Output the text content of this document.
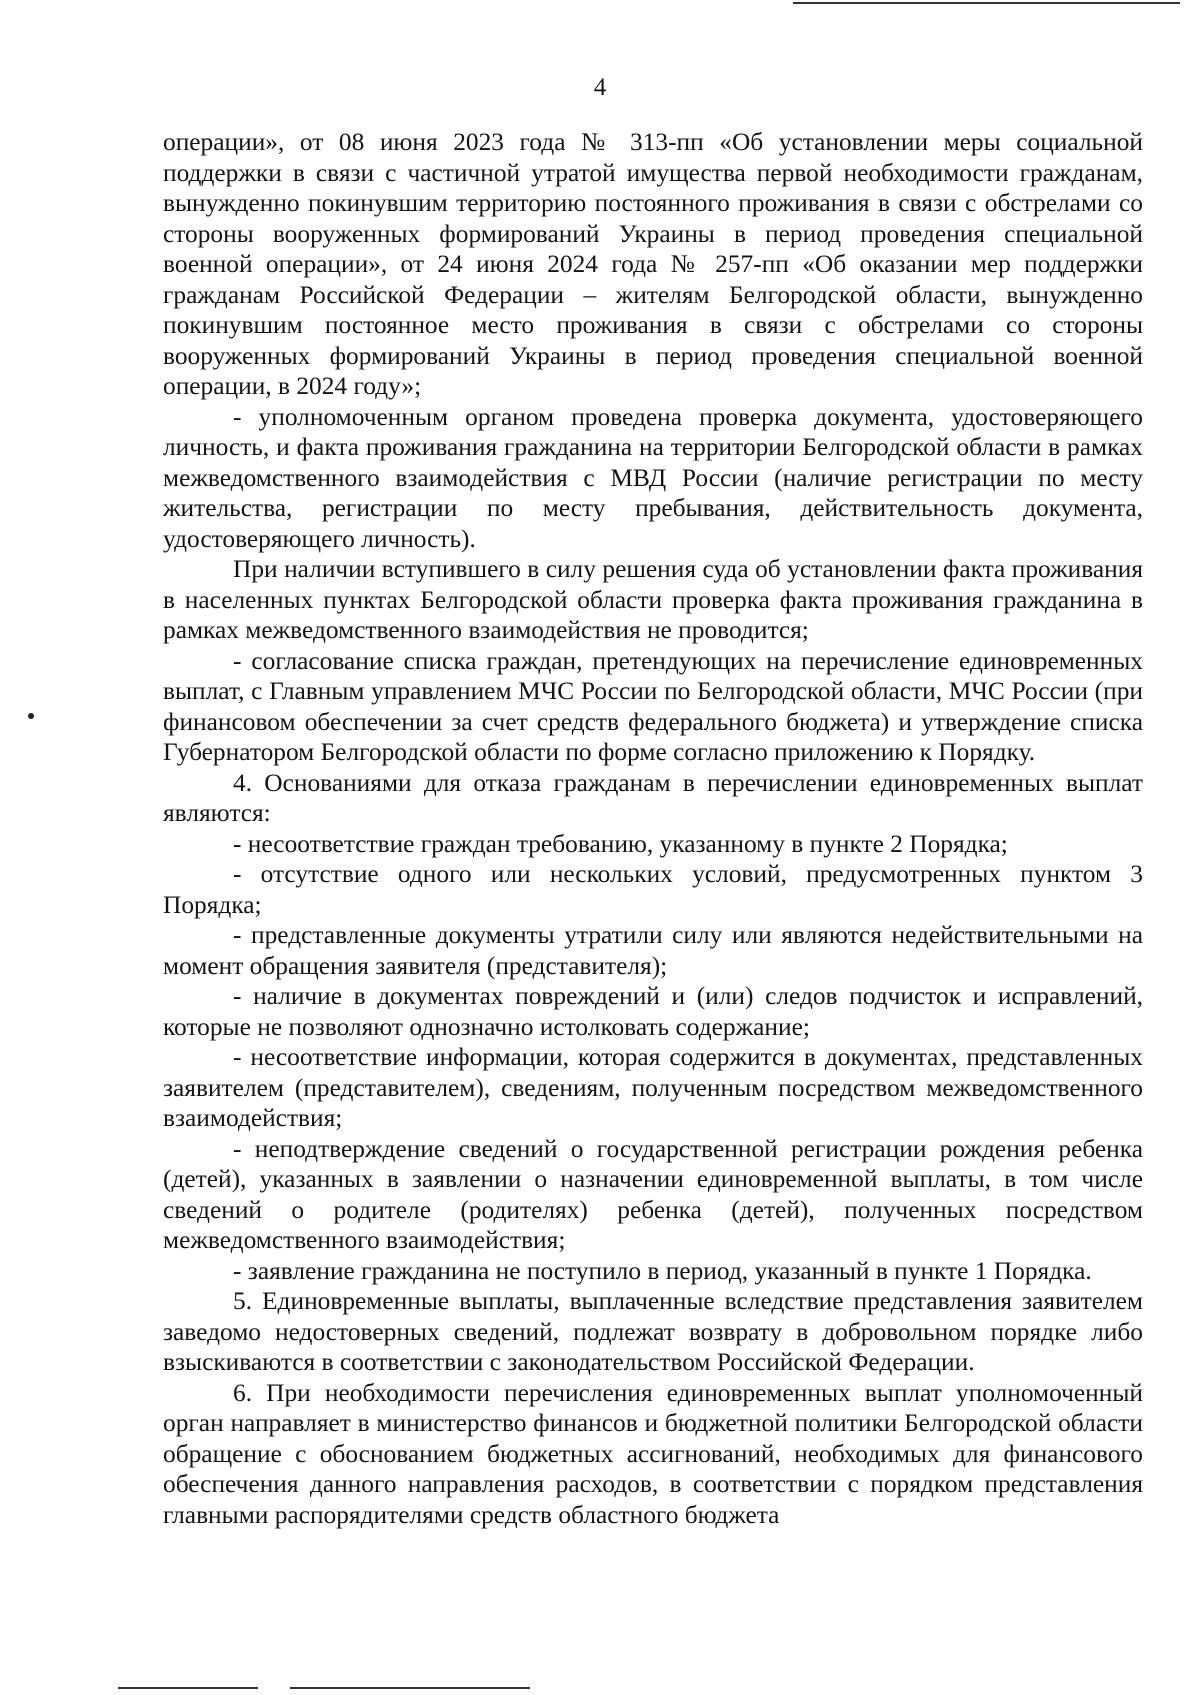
4

операции», от 08 июня 2023 года № 313-пп «Об установлении меры социальной поддержки в связи с частичной утратой имущества первой необходимости гражданам, вынужденно покинувшим территорию постоянного проживания в связи с обстрелами со стороны вооруженных формирований Украины в период проведения специальной военной операции», от 24 июня 2024 года № 257-пп «Об оказании мер поддержки гражданам Российской Федерации – жителям Белгородской области, вынужденно покинувшим постоянное место проживания в связи с обстрелами со стороны вооруженных формирований Украины в период проведения специальной военной операции, в 2024 году»;

- уполномоченным органом проведена проверка документа, удостоверяющего личность, и факта проживания гражданина на территории Белгородской области в рамках межведомственного взаимодействия с МВД России (наличие регистрации по месту жительства, регистрации по месту пребывания, действительность документа, удостоверяющего личность).

При наличии вступившего в силу решения суда об установлении факта проживания в населенных пунктах Белгородской области проверка факта проживания гражданина в рамках межведомственного взаимодействия не проводится;

- согласование списка граждан, претендующих на перечисление единовременных выплат, с Главным управлением МЧС России по Белгородской области, МЧС России (при финансовом обеспечении за счет средств федерального бюджета) и утверждение списка Губернатором Белгородской области по форме согласно приложению к Порядку.

4. Основаниями для отказа гражданам в перечислении единовременных выплат являются:

- несоответствие граждан требованию, указанному в пункте 2 Порядка;

- отсутствие одного или нескольких условий, предусмотренных пунктом 3 Порядка;

- представленные документы утратили силу или являются недействительными на момент обращения заявителя (представителя);

- наличие в документах повреждений и (или) следов подчисток и исправлений, которые не позволяют однозначно истолковать содержание;

- несоответствие информации, которая содержится в документах, представленных заявителем (представителем), сведениям, полученным посредством межведомственного взаимодействия;

- неподтверждение сведений о государственной регистрации рождения ребенка (детей), указанных в заявлении о назначении единовременной выплаты, в том числе сведений о родителе (родителях) ребенка (детей), полученных посредством межведомственного взаимодействия;

- заявление гражданина не поступило в период, указанный в пункте 1 Порядка.

5. Единовременные выплаты, выплаченные вследствие представления заявителем заведомо недостоверных сведений, подлежат возврату в добровольном порядке либо взыскиваются в соответствии с законодательством Российской Федерации.

6. При необходимости перечисления единовременных выплат уполномоченный орган направляет в министерство финансов и бюджетной политики Белгородской области обращение с обоснованием бюджетных ассигнований, необходимых для финансового обеспечения данного направления расходов, в соответствии с порядком представления главными распорядителями средств областного бюджета
